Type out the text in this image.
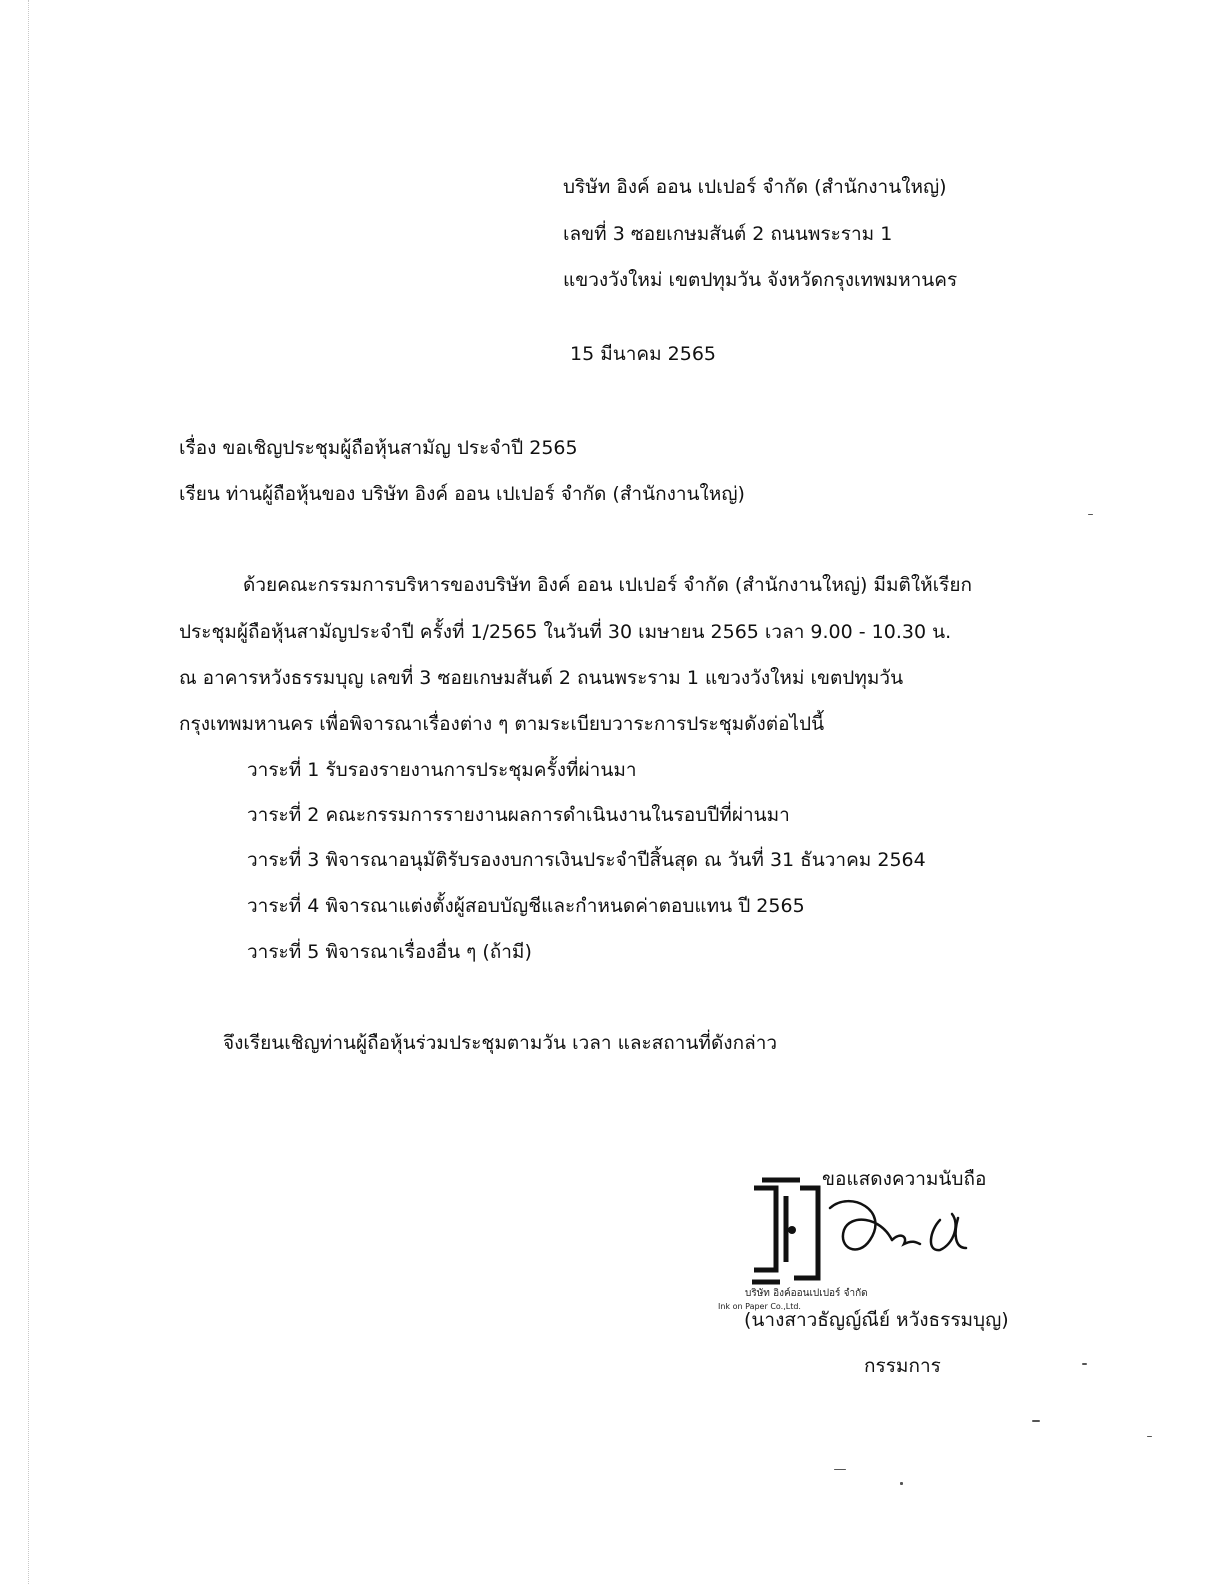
บริษัท อิงค์ ออน เปเปอร์ จำกัด (สำนักงานใหญ่)
เลขที่ 3 ซอยเกษมสันต์ 2 ถนนพระราม 1
แขวงวังใหม่ เขตปทุมวัน จังหวัดกรุงเทพมหานคร
15 มีนาคม 2565
เรื่อง ขอเชิญประชุมผู้ถือหุ้นสามัญ ประจำปี 2565
เรียน ท่านผู้ถือหุ้นของ บริษัท อิงค์ ออน เปเปอร์ จำกัด (สำนักงานใหญ่)
ด้วยคณะกรรมการบริหารของบริษัท อิงค์ ออน เปเปอร์ จำกัด (สำนักงานใหญ่) มีมติให้เรียก
ประชุมผู้ถือหุ้นสามัญประจำปี ครั้งที่ 1/2565 ในวันที่ 30 เมษายน 2565 เวลา 9.00 - 10.30 น.
ณ อาคารหวังธรรมบุญ เลขที่ 3 ซอยเกษมสันต์ 2 ถนนพระราม 1 แขวงวังใหม่ เขตปทุมวัน
กรุงเทพมหานคร เพื่อพิจารณาเรื่องต่าง ๆ ตามระเบียบวาระการประชุมดังต่อไปนี้
วาระที่ 1 รับรองรายงานการประชุมครั้งที่ผ่านมา
วาระที่ 2 คณะกรรมการรายงานผลการดำเนินงานในรอบปีที่ผ่านมา
วาระที่ 3 พิจารณาอนุมัติรับรองงบการเงินประจำปีสิ้นสุด ณ วันที่ 31 ธันวาคม 2564
วาระที่ 4 พิจารณาแต่งตั้งผู้สอบบัญชีและกำหนดค่าตอบแทน ปี 2565
วาระที่ 5 พิจารณาเรื่องอื่น ๆ (ถ้ามี)
จึงเรียนเชิญท่านผู้ถือหุ้นร่วมประชุมตามวัน เวลา และสถานที่ดังกล่าว
ขอแสดงความนับถือ
บริษัท อิงค์ออนเปเปอร์ จำกัด
Ink on Paper Co.,Ltd.
(นางสาวธัญญ์ณีย์ หวังธรรมบุญ)
กรรมการ
